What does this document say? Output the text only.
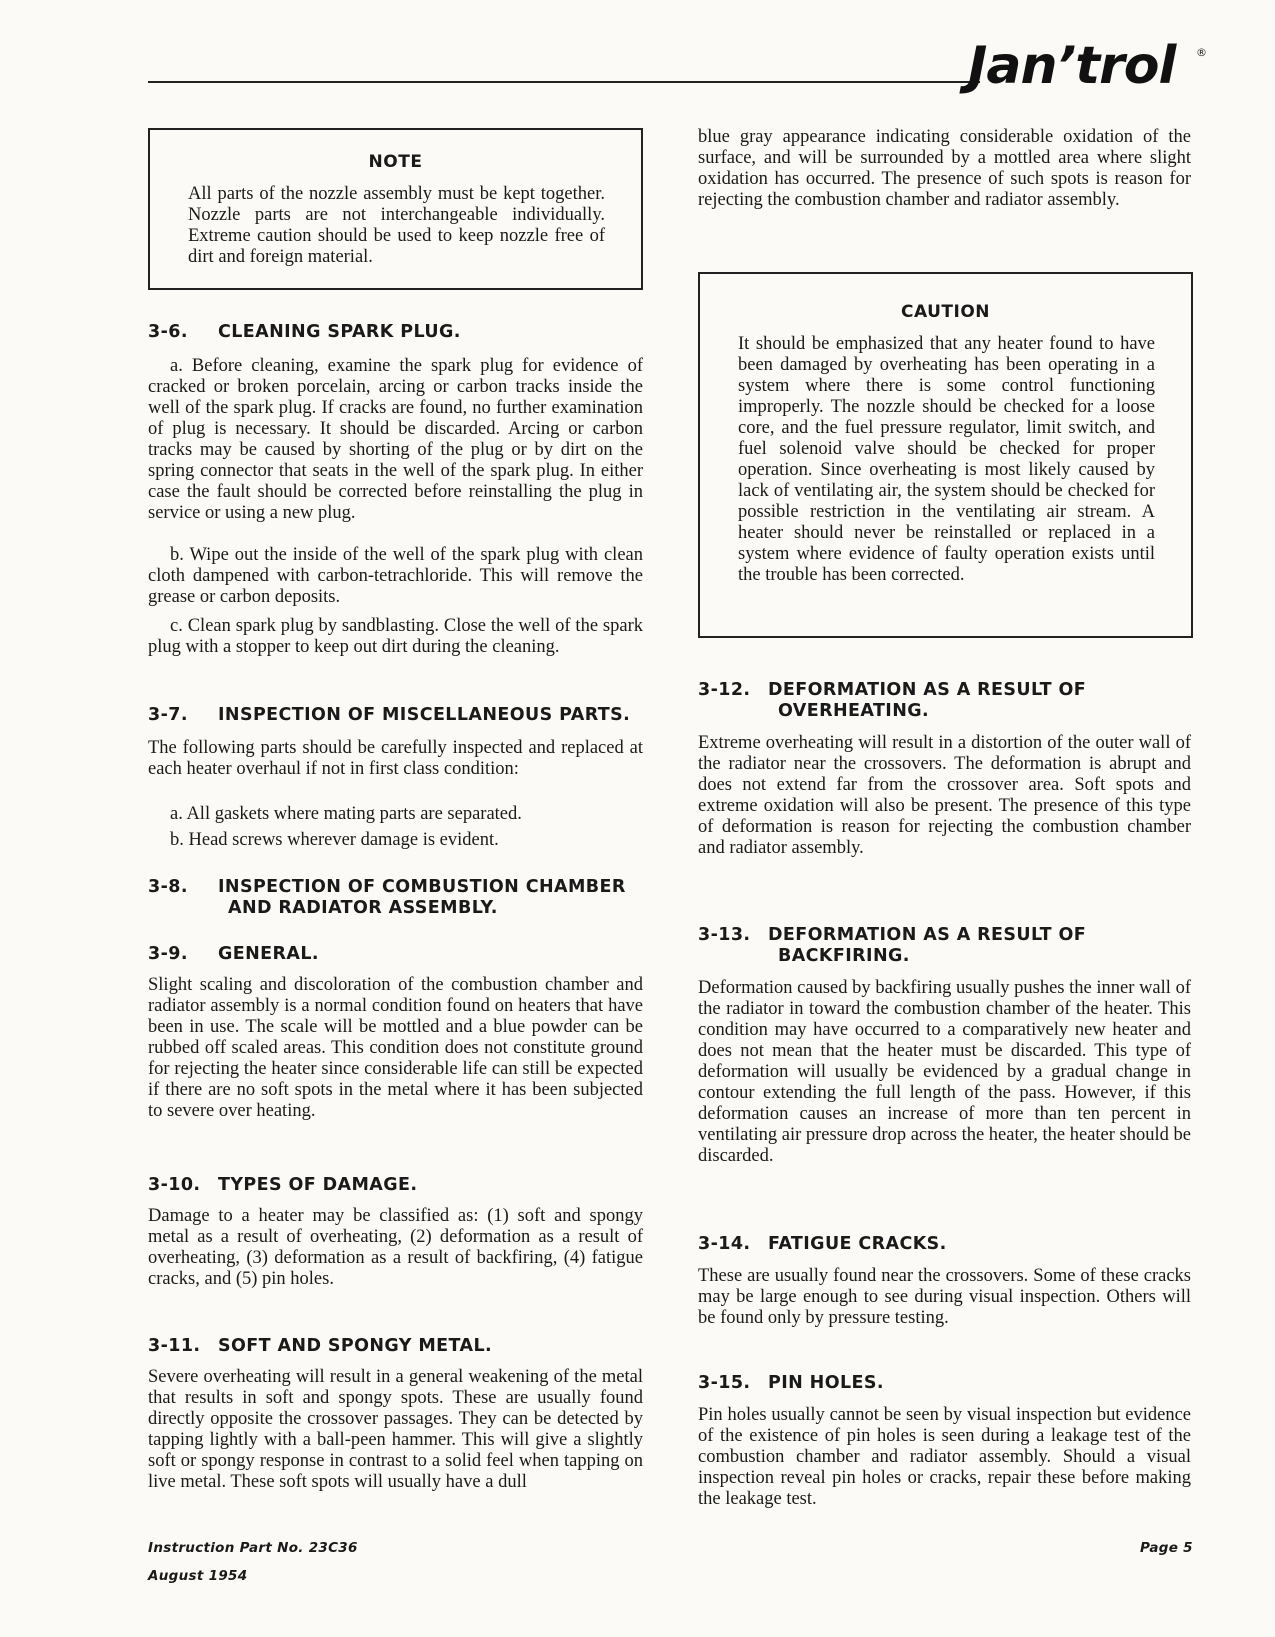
Jan’trol	®
NOTE
All parts of the nozzle assembly must be kept together. Nozzle parts are not interchangeable individually. Extreme caution should be used to keep nozzle free of dirt and foreign material.
3-6. CLEANING SPARK PLUG.
a. Before cleaning, examine the spark plug for evidence of cracked or broken porcelain, arcing or carbon tracks inside the well of the spark plug. If cracks are found, no further examination of plug is necessary. It should be discarded. Arcing or carbon tracks may be caused by shorting of the plug or by dirt on the spring connector that seats in the well of the spark plug. In either case the fault should be corrected before reinstalling the plug in service or using a new plug.
b. Wipe out the inside of the well of the spark plug with clean cloth dampened with carbon-tetrachloride. This will remove the grease or carbon deposits.
c. Clean spark plug by sandblasting. Close the well of the spark plug with a stopper to keep out dirt during the cleaning.
3-7. INSPECTION OF MISCELLANEOUS PARTS.
The following parts should be carefully inspected and replaced at each heater overhaul if not in first class condition:
a. All gaskets where mating parts are separated.
b. Head screws wherever damage is evident.
3-8. INSPECTION OF COMBUSTION CHAMBER
AND RADIATOR ASSEMBLY.
3-9. GENERAL.
Slight scaling and discoloration of the combustion chamber and radiator assembly is a normal condition found on heaters that have been in use. The scale will be mottled and a blue powder can be rubbed off scaled areas. This condition does not constitute ground for rejecting the heater since considerable life can still be expected if there are no soft spots in the metal where it has been subjected to severe over heating.
3-10. TYPES OF DAMAGE.
Damage to a heater may be classified as: (1) soft and spongy metal as a result of overheating, (2) deformation as a result of overheating, (3) deformation as a result of backfiring, (4) fatigue cracks, and (5) pin holes.
3-11. SOFT AND SPONGY METAL.
Severe overheating will result in a general weakening of the metal that results in soft and spongy spots. These are usually found directly opposite the crossover passages. They can be detected by tapping lightly with a ball-peen hammer. This will give a slightly soft or spongy response in contrast to a solid feel when tapping on live metal. These soft spots will usually have a dull
blue gray appearance indicating considerable oxidation of the surface, and will be surrounded by a mottled area where slight oxidation has occurred. The presence of such spots is reason for rejecting the combustion chamber and radiator assembly.
CAUTION
It should be emphasized that any heater found to have been damaged by overheating has been operating in a system where there is some control functioning improperly. The nozzle should be checked for a loose core, and the fuel pressure regulator, limit switch, and fuel solenoid valve should be checked for proper operation. Since overheating is most likely caused by lack of ventilating air, the system should be checked for possible restriction in the ventilating air stream. A heater should never be reinstalled or replaced in a system where evidence of faulty operation exists until the trouble has been corrected.
3-12. DEFORMATION AS A RESULT OF
OVERHEATING.
Extreme overheating will result in a distortion of the outer wall of the radiator near the crossovers. The deformation is abrupt and does not extend far from the crossover area. Soft spots and extreme oxidation will also be present. The presence of this type of deformation is reason for rejecting the combustion chamber and radiator assembly.
3-13. DEFORMATION AS A RESULT OF
BACKFIRING.
Deformation caused by backfiring usually pushes the inner wall of the radiator in toward the combustion chamber of the heater. This condition may have occurred to a comparatively new heater and does not mean that the heater must be discarded. This type of deformation will usually be evidenced by a gradual change in contour extending the full length of the pass. However, if this deformation causes an increase of more than ten percent in ventilating air pressure drop across the heater, the heater should be discarded.
3-14. FATIGUE CRACKS.
These are usually found near the crossovers. Some of these cracks may be large enough to see during visual inspection. Others will be found only by pressure testing.
3-15. PIN HOLES.
Pin holes usually cannot be seen by visual inspection but evidence of the existence of pin holes is seen during a leakage test of the combustion chamber and radiator assembly. Should a visual inspection reveal pin holes or cracks, repair these before making the leakage test.
Instruction Part No. 23C36
August 1954
Page 5
